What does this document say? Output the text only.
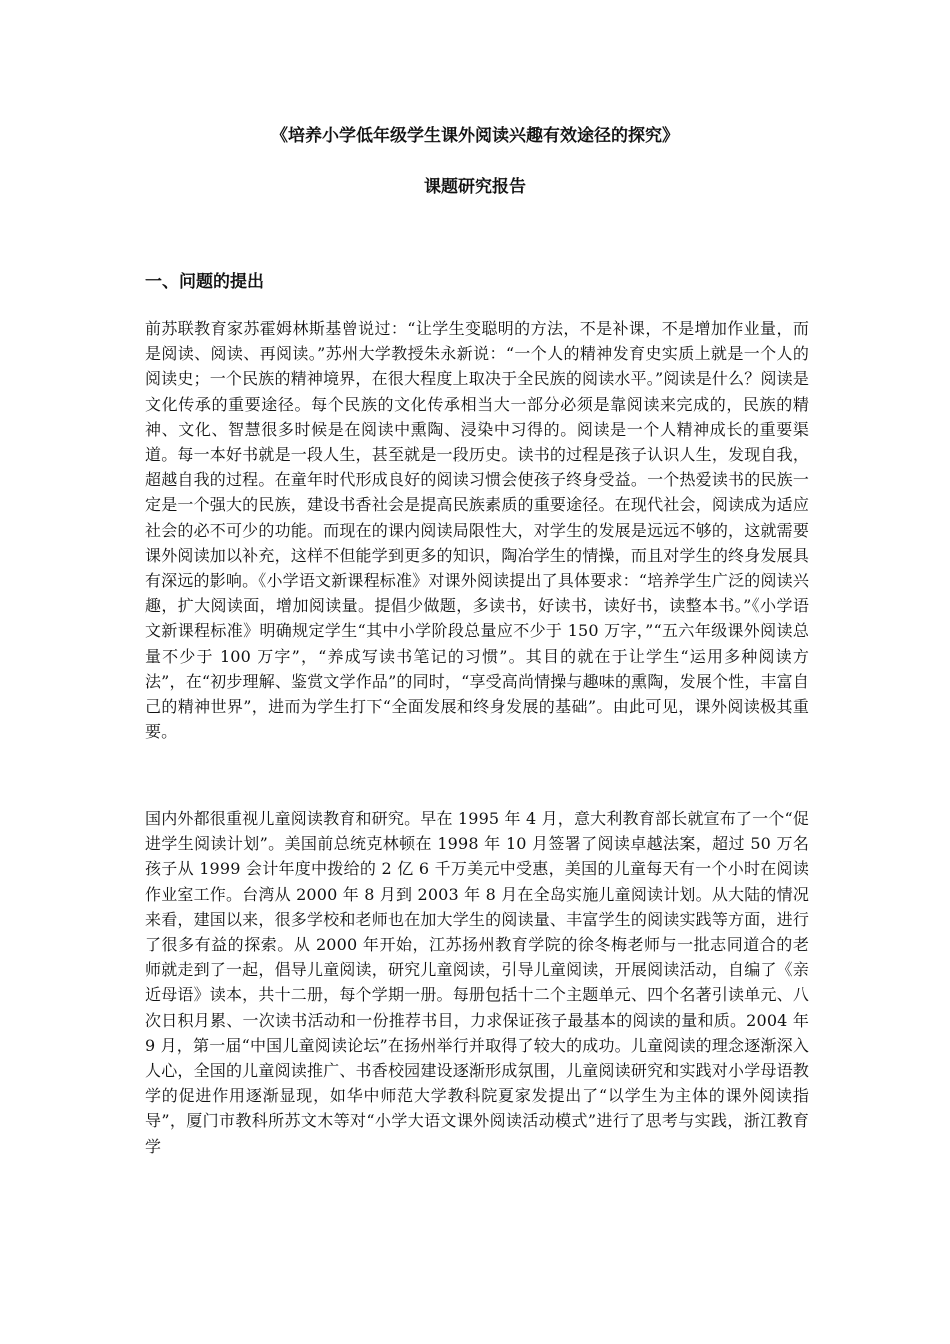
《培养小学低年级学生课外阅读兴趣有效途径的探究》
课题研究报告
一、问题的提出

前苏联教育家苏霍姆林斯基曾说过：“让学生变聪明的方法，不是补课，不是增加作业量，而是阅读、阅读、再阅读。”苏州大学教授朱永新说：“一个人的精神发育史实质上就是一个人的阅读史；一个民族的精神境界，在很大程度上取决于全民族的阅读水平。”阅读是什么？阅读是文化传承的重要途径。每个民族的文化传承相当大一部分必须是靠阅读来完成的，民族的精神、文化、智慧很多时候是在阅读中熏陶、浸染中习得的。阅读是一个人精神成长的重要渠道。每一本好书就是一段人生，甚至就是一段历史。读书的过程是孩子认识人生，发现自我，超越自我的过程。在童年时代形成良好的阅读习惯会使孩子终身受益。一个热爱读书的民族一定是一个强大的民族，建设书香社会是提高民族素质的重要途径。在现代社会，阅读成为适应社会的必不可少的功能。而现在的课内阅读局限性大，对学生的发展是远远不够的，这就需要课外阅读加以补充，这样不但能学到更多的知识，陶冶学生的情操，而且对学生的终身发展具有深远的影响。《小学语文新课程标准》对课外阅读提出了具体要求：“培养学生广泛的阅读兴趣，扩大阅读面，增加阅读量。提倡少做题，多读书，好读书，读好书，读整本书。”《小学语文新课程标准》明确规定学生“其中小学阶段总量应不少于 150 万字，”“五六年级课外阅读总量不少于 100 万字”，“养成写读书笔记的习惯”。其目的就在于让学生“运用多种阅读方法”，在“初步理解、鉴赏文学作品”的同时，“享受高尚情操与趣味的熏陶，发展个性，丰富自己的精神世界”，进而为学生打下“全面发展和终身发展的基础”。由此可见，课外阅读极其重要。

国内外都很重视儿童阅读教育和研究。早在 1995 年 4 月，意大利教育部长就宣布了一个“促进学生阅读计划”。美国前总统克林顿在 1998 年 10 月签署了阅读卓越法案，超过 50 万名孩子从 1999 会计年度中拨给的 2 亿 6 千万美元中受惠，美国的儿童每天有一个小时在阅读作业室工作。台湾从 2000 年 8 月到 2003 年 8 月在全岛实施儿童阅读计划。从大陆的情况来看，建国以来，很多学校和老师也在加大学生的阅读量、丰富学生的阅读实践等方面，进行了很多有益的探索。从 2000 年开始，江苏扬州教育学院的徐冬梅老师与一批志同道合的老师就走到了一起，倡导儿童阅读，研究儿童阅读，引导儿童阅读，开展阅读活动，自编了《亲近母语》读本，共十二册，每个学期一册。每册包括十二个主题单元、四个名著引读单元、八次日积月累、一次读书活动和一份推荐书目，力求保证孩子最基本的阅读的量和质。2004 年 9 月，第一届“中国儿童阅读论坛”在扬州举行并取得了较大的成功。儿童阅读的理念逐渐深入人心，全国的儿童阅读推广、书香校园建设逐渐形成氛围，儿童阅读研究和实践对小学母语教学的促进作用逐渐显现，如华中师范大学教科院夏家发提出了“以学生为主体的课外阅读指导”，厦门市教科所苏文木等对“小学大语文课外阅读活动模式”进行了思考与实践，浙江教育学
